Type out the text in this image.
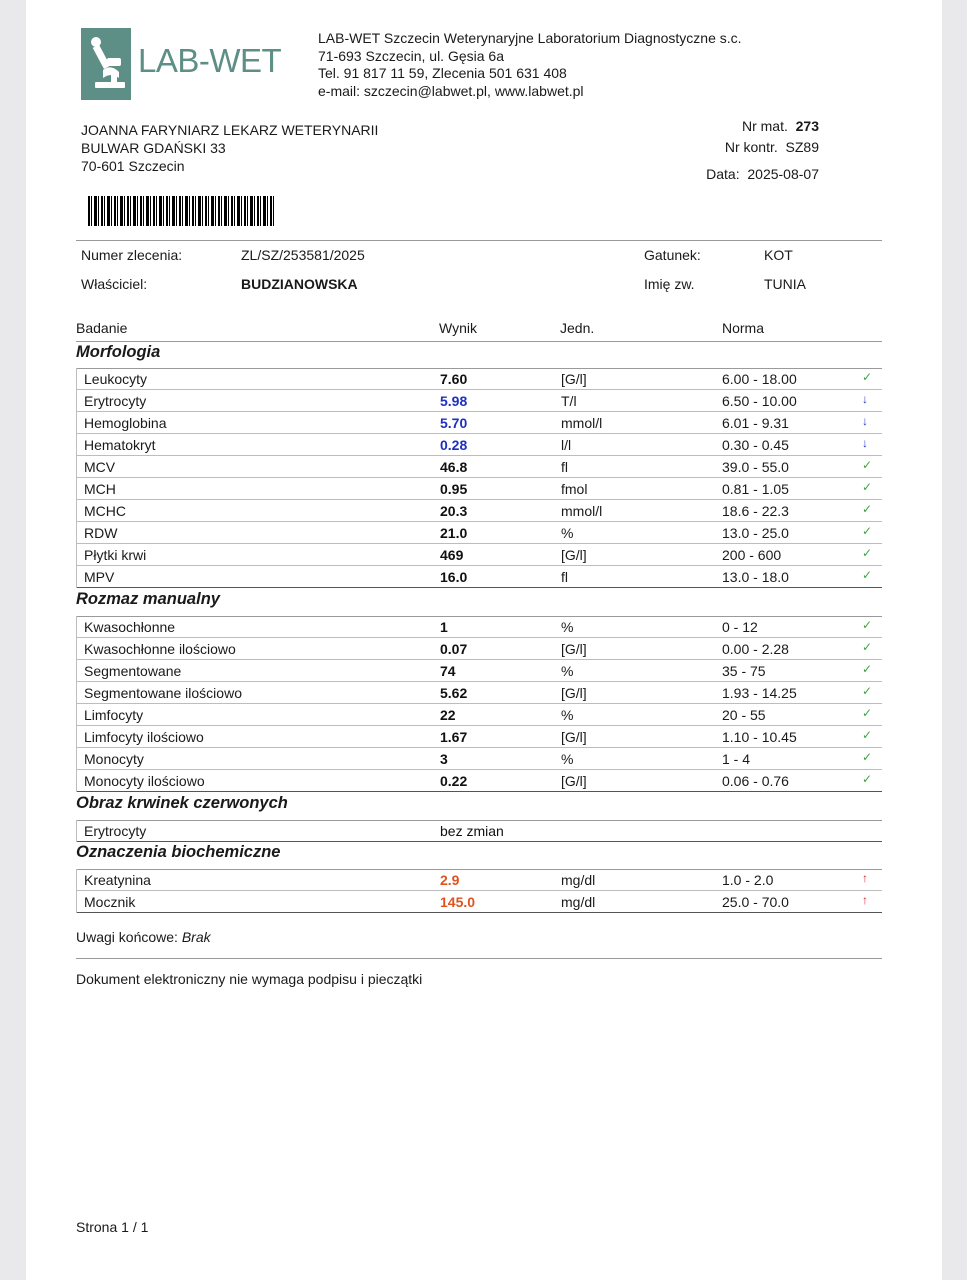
LAB-WET
LAB-WET Szczecin Weterynaryjne Laboratorium Diagnostyczne s.c.
71-693 Szczecin, ul. Gęsia 6a
Tel. 91 817 11 59, Zlecenia 501 631 408
e-mail: szczecin@labwet.pl, www.labwet.pl
JOANNA FARYNIARZ LEKARZ WETERYNARII
BULWAR GDAŃSKI 33
70-601 Szczecin
Nr mat. 273
Nr kontr. SZ89
Data: 2025-08-07
Numer zlecenia:	ZL/SZ/253581/2025	Gatunek:	KOT
Właściciel:	BUDZIANOWSKA	Imię zw.	TUNIA
Badanie	Wynik	Jedn.	Norma
Morfologia
Leukocyty	7.60	[G/l]	6.00 - 18.00	✓
Erytrocyty	5.98	T/l	6.50 - 10.00	↓
Hemoglobina	5.70	mmol/l	6.01 - 9.31	↓
Hematokryt	0.28	l/l	0.30 - 0.45	↓
MCV	46.8	fl	39.0 - 55.0	✓
MCH	0.95	fmol	0.81 - 1.05	✓
MCHC	20.3	mmol/l	18.6 - 22.3	✓
RDW	21.0	%	13.0 - 25.0	✓
Płytki krwi	469	[G/l]	200 - 600	✓
MPV	16.0	fl	13.0 - 18.0	✓
Rozmaz manualny
Kwasochłonne	1	%	0 - 12	✓
Kwasochłonne ilościowo	0.07	[G/l]	0.00 - 2.28	✓
Segmentowane	74	%	35 - 75	✓
Segmentowane ilościowo	5.62	[G/l]	1.93 - 14.25	✓
Limfocyty	22	%	20 - 55	✓
Limfocyty ilościowo	1.67	[G/l]	1.10 - 10.45	✓
Monocyty	3	%	1 - 4	✓
Monocyty ilościowo	0.22	[G/l]	0.06 - 0.76	✓
Obraz krwinek czerwonych
Erytrocyty	bez zmian
Oznaczenia biochemiczne
Kreatynina	2.9	mg/dl	1.0 - 2.0	↑
Mocznik	145.0	mg/dl	25.0 - 70.0	↑
Uwagi końcowe: Brak
Dokument elektroniczny nie wymaga podpisu i pieczątki
Strona 1 / 1
